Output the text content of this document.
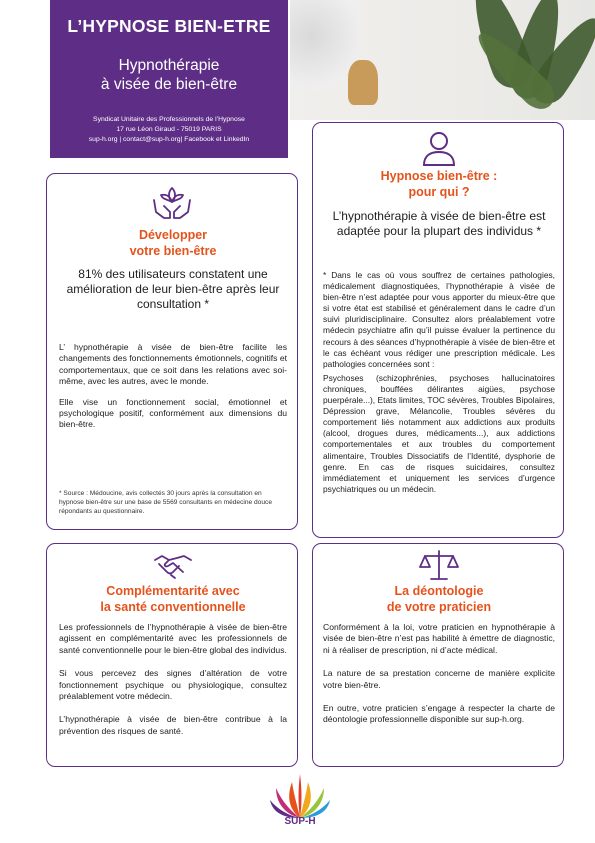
L’HYPNOSE BIEN-ETRE
Hypnothérapie
à visée de bien-être
Syndicat Unitaire des Professionnels de l’Hypnose
17 rue Léon Giraud - 75019 PARIS
sup-h.org | contact@sup-h.org| Facebook et LinkedIn
Développer
votre bien-être
81% des utilisateurs constatent une amélioration de leur bien-être après leur consultation *

L’ hypnothérapie à visée de bien-être facilite les changements des fonctionnements émotionnels, cognitifs et comportementaux, que ce soit dans les relations avec soi-même, avec les autres, avec le monde.

Elle vise un fonctionnement social, émotionnel et psychologique positif, conformément aux dimensions du bien-être.

* Source : Médoucine, avis collectés 30 jours après la consultation en hypnose bien-être sur une base de 5569 consultants en médecine douce répondants au questionnaire.
Hypnose bien-être :
pour qui ?
L’hypnothérapie à visée de bien-être est adaptée pour la plupart des individus *

* Dans le cas où vous souffrez de certaines pathologies, médicalement diagnostiquées, l’hypnothérapie à visée de bien-être n’est adaptée pour vous apporter du mieux-être que si votre état est stabilisé et généralement dans le cadre d’un suivi pluridisciplinaire. Consultez alors préalablement votre médecin psychiatre afin qu’il puisse évaluer la pertinence du recours à des séances d’hypnothérapie à visée de bien-être et le cas échéant vous rédiger une prescription médicale. Les pathologies concernées sont :

Psychoses (schizophrénies, psychoses hallucinatoires chroniques, bouffées délirantes aigües, psychose puerpérale...), Etats limites, TOC sévères, Troubles Bipolaires, Dépression grave, Mélancolie, Troubles sévères du comportement liés notamment aux addictions aux produits (alcool, drogues dures, médicaments...), aux addictions comportementales et aux troubles du comportement alimentaire, Troubles Dissociatifs de l’Identité, dysphorie de genre. En cas de risques suicidaires, consultez immédiatement et uniquement les services d’urgence psychiatriques ou un médecin.

Complémentarité avec
la santé conventionnelle

Les professionnels de l’hypnothérapie à visée de bien-être agissent en complémentarité avec les professionnels de santé conventionnelle pour le bien-être global des individus.

Si vous percevez des signes d’altération de votre fonctionnement psychique ou physiologique, consultez préalablement votre médecin.

L’hypnothérapie à visée de bien-être contribue à la prévention des risques de santé.

La déontologie
de votre praticien

Conformément à la loi, votre praticien en hypnothérapie à visée de bien-être n’est pas habilité à émettre de diagnostic, ni à réaliser de prescription, ni d’acte médical.

La nature de sa prestation concerne de manière explicite votre bien-être.

En outre, votre praticien s’engage à respecter la charte de déontologie professionnelle disponible sur sup-h.org.

SUP-H
